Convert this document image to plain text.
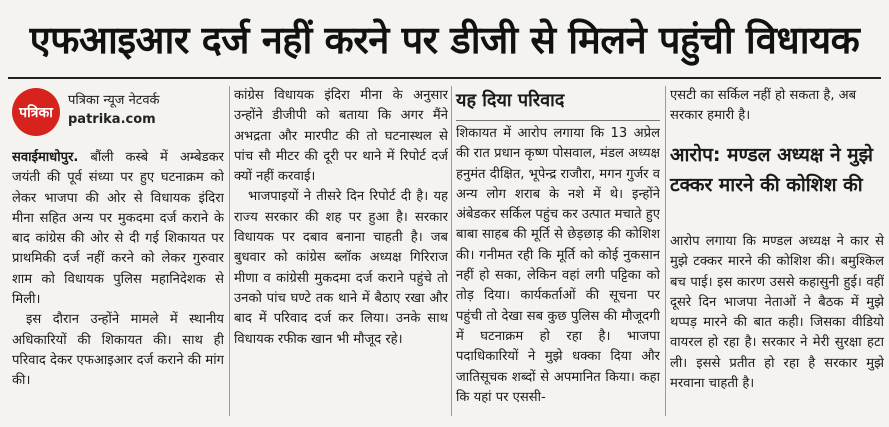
एफआइआर दर्ज नहीं करने पर डीजी से मिलने पहुंची विधायक
पत्रिका
पत्रिका न्यूज नेटवर्क
patrika.com

सवाईमाधोपुर. बौंली कस्बे में अम्बेडकर जयंती की पूर्व संध्या पर हुए घटनाक्रम को लेकर भाजपा की ओर से विधायक इंदिरा मीना सहित अन्य पर मुकदमा दर्ज कराने के बाद कांग्रेस की ओर से दी गई शिकायत पर प्राथमिकी दर्ज नहीं करने को लेकर गुरुवार शाम को विधायक पुलिस महानिदेशक से मिली।

इस दौरान उन्होंने मामले में स्थानीय अधिकारियों की शिकायत की। साथ ही परिवाद देकर एफआइआर दर्ज कराने की मांग की।

कांग्रेस विधायक इंदिरा मीना के अनुसार उन्होंने डीजीपी को बताया कि अगर मैंने अभद्रता और मारपीट की तो घटनास्थल से पांच सौ मीटर की दूरी पर थाने में रिपोर्ट दर्ज क्यों नहीं करवाई।

भाजपाइयों ने तीसरे दिन रिपोर्ट दी है। यह राज्य सरकार की शह पर हुआ है। सरकार विधायक पर दबाव बनाना चाहती है। जब बुधवार को कांग्रेस ब्लॉक अध्यक्ष गिरिराज मीणा व कांग्रेसी मुकदमा दर्ज कराने पहुंचे तो उनको पांच घण्टे तक थाने में बैठाए रखा और बाद में परिवाद दर्ज कर लिया। उनके साथ विधायक रफीक खान भी मौजूद रहे।

यह दिया परिवाद

शिकायत में आरोप लगाया कि 13 अप्रेल की रात प्रधान कृष्ण पोसवाल, मंडल अध्यक्ष हनुमंत दीक्षित, भूपेन्द्र राजौरा, मगन गुर्जर व अन्य लोग शराब के नशे में थे। इन्होंने अंबेडकर सर्किल पहुंच कर उत्पात मचाते हुए बाबा साहब की मूर्ति से छेड़छाड़ की कोशिश की। गनीमत रही कि मूर्ति को कोई नुकसान नहीं हो सका, लेकिन वहां लगी पट्टिका को तोड़ दिया। कार्यकर्ताओं की सूचना पर पहुंची तो देखा सब कुछ पुलिस की मौजूदगी में घटनाक्रम हो रहा है। भाजपा पदाधिकारियों ने मुझे धक्का दिया और जातिसूचक शब्दों से अपमानित किया। कहा कि यहां पर एससी-

एसटी का सर्किल नहीं हो सकता है, अब सरकार हमारी है।
आरोप: मण्डल अध्यक्ष ने मुझे टक्कर मारने की कोशिश की

आरोप लगाया कि मण्डल अध्यक्ष ने कार से मुझे टक्कर मारने की कोशिश की। बमुश्किल बच पाई। इस कारण उससे कहासुनी हुई। वहीं दूसरे दिन भाजपा नेताओं ने बैठक में मुझे थप्पड़ मारने की बात कही। जिसका वीडियो वायरल हो रहा है। सरकार ने मेरी सुरक्षा हटा ली। इससे प्रतीत हो रहा है सरकार मुझे मरवाना चाहती है।
